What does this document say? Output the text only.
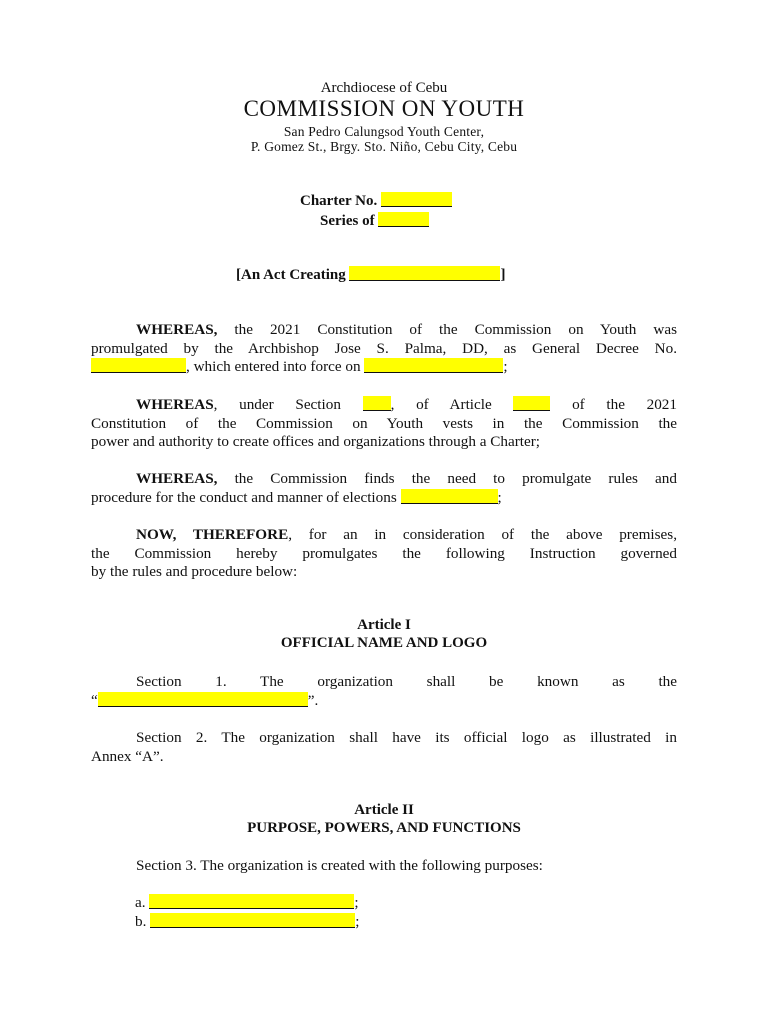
Archdiocese of Cebu
COMMISSION ON YOUTH
San Pedro Calungsod Youth Center,
P. Gomez St., Brgy. Sto. Niño, Cebu City, Cebu
Charter No.
Series of
[An Act Creating	]
WHEREAS, the 2021 Constitution of the Commission on Youth was
promulgated by the Archbishop Jose S. Palma, DD, as General Decree No.
, which entered into force on	;
WHEREAS, under Section	, of Article	of the 2021
Constitution of the Commission on Youth vests in the Commission the
power and authority to create offices and organizations through a Charter;
WHEREAS, the Commission finds the need to promulgate rules and
procedure for the conduct and manner of elections	;
NOW, THEREFORE, for an in consideration of the above premises,
the Commission hereby promulgates the following Instruction governed
by the rules and procedure below:
Article I
OFFICIAL NAME AND LOGO
Section 1. The organization shall be known as the
“	”.
Section 2. The organization shall have its official logo as illustrated in
Annex “A”.
Article II
PURPOSE, POWERS, AND FUNCTIONS
Section 3. The organization is created with the following purposes:
a.	;
b.	;
